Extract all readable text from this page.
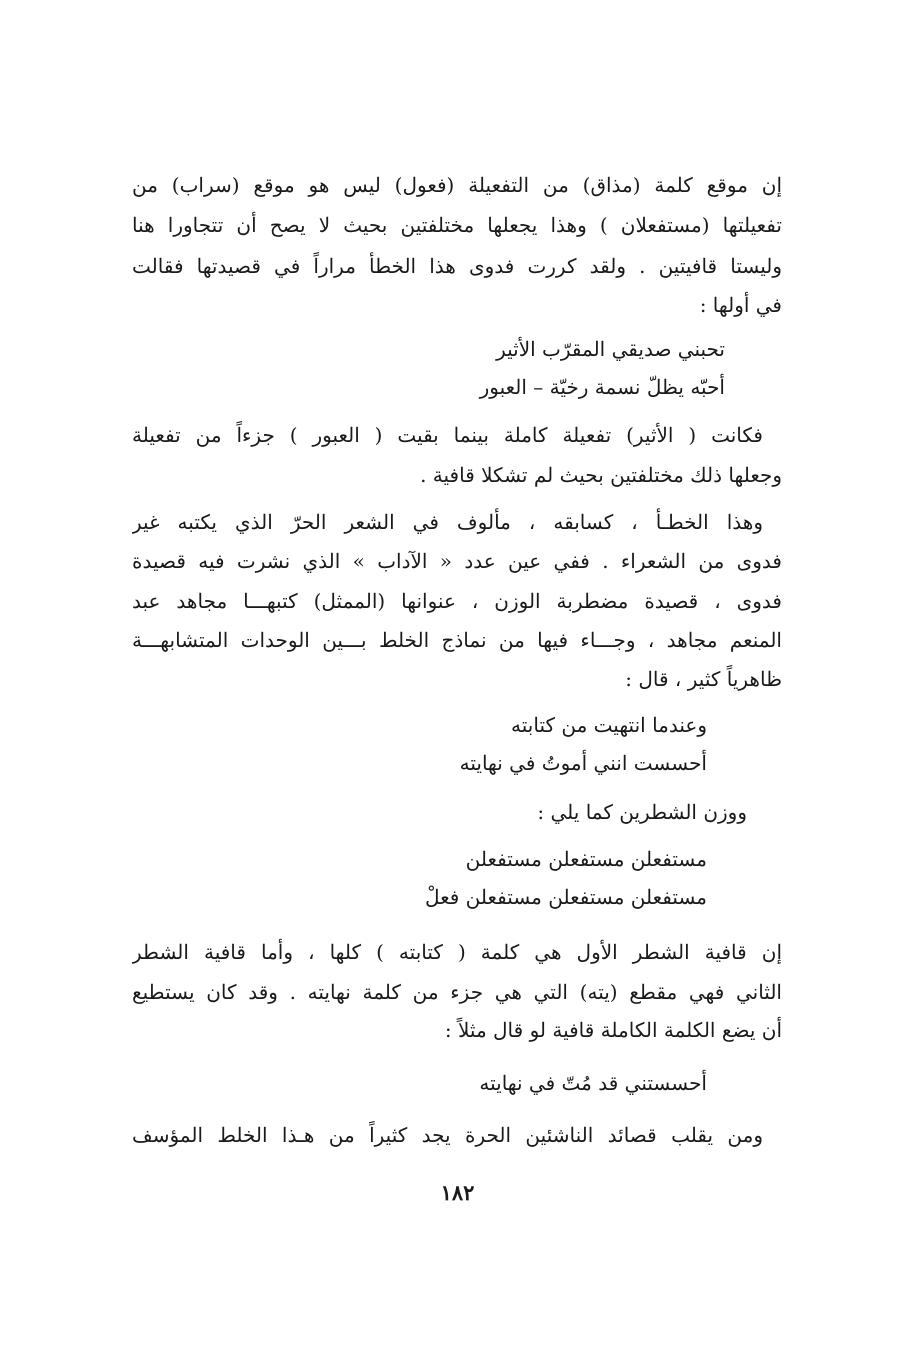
إن موقع كلمة (مذاق) من التفعيلة (فعول) ليس هو موقع (سراب) من
تفعيلتها (مستفعلان ) وهذا يجعلها مختلفتين بحيث لا يصح أن تتجاورا هنا
وليستا قافيتين . ولقد كررت فدوى هذا الخطأ مراراً في قصيدتها فقالت
في أولها :
تحبني صديقي المقرّب الأثير
أحبّه يظلّ نسمة رخيّة – العبور
فكانت ( الأثير) تفعيلة كاملة بينما بقيت ( العبور ) جزءاً من تفعيلة
وجعلها ذلك مختلفتين بحيث لم تشكلا قافية .
وهذا الخطـأ ، كسابقه ، مألوف في الشعر الحرّ الذي يكتبه غير
فدوى من الشعراء . ففي عين عدد « الآداب » الذي نشرت فيه قصيدة
فدوى ، قصيدة مضطربة الوزن ، عنوانها (الممثل) كتبهـــا مجاهد عبد
المنعم مجاهد ، وجـــاء فيها من نماذج الخلط بـــين الوحدات المتشابهـــة
ظاهرياً كثير ، قال :
وعندما انتهيت من كتابته
أحسست انني أموتُ في نهايته
ووزن الشطرين كما يلي :
مستفعلن مستفعلن مستفعلن
مستفعلن مستفعلن مستفعلن فعلْ
إن قافية الشطر الأول هي كلمة ( كتابته ) كلها ، وأما قافية الشطر
الثاني فهي مقطع (يته) التي هي جزء من كلمة نهايته . وقد كان يستطيع
أن يضع الكلمة الكاملة قافية لو قال مثلاً :
أحسستني قد مُتّ في نهايته
ومن يقلب قصائد الناشئين الحرة يجد كثيراً من هـذا الخلط المؤسف
١٨٢
